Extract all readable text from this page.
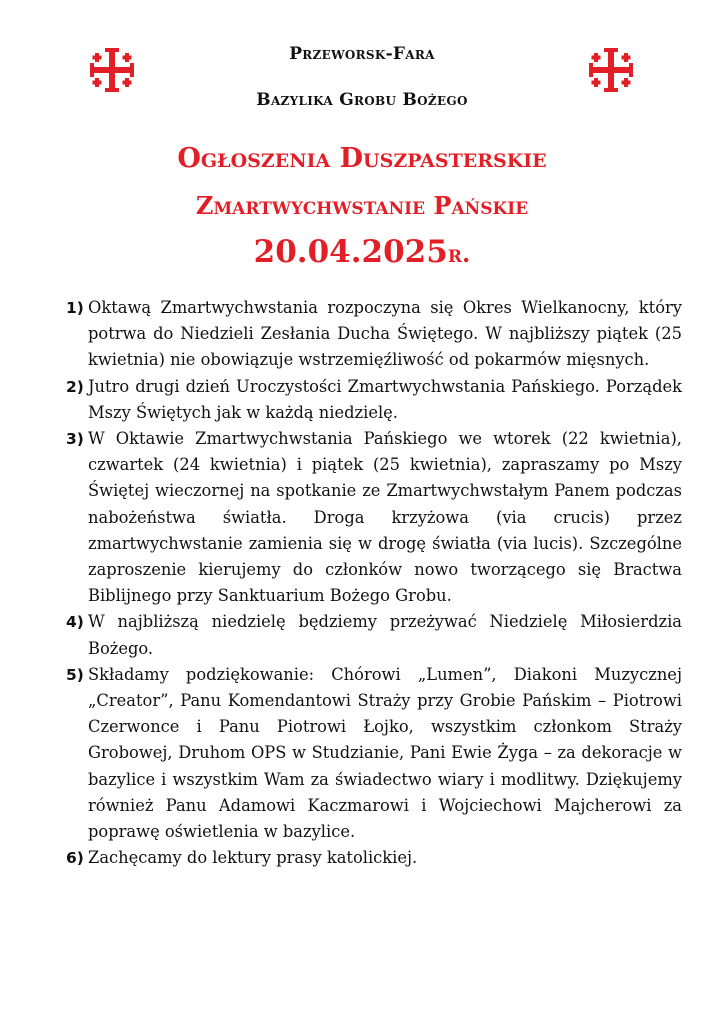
Przeworsk-Fara
Bazylika Grobu Bożego
Ogłoszenia Duszpasterskie
Zmartwychwstanie Pańskie
20.04.2025r.
1) Oktawą Zmartwychwstania rozpoczyna się Okres Wielkanocny, który potrwa do Niedzieli Zesłania Ducha Świętego. W najbliższy piątek (25 kwietnia) nie obowiązuje wstrzemięźliwość od pokarmów mięsnych.
2) Jutro drugi dzień Uroczystości Zmartwychwstania Pańskiego. Porządek Mszy Świętych jak w każdą niedzielę.
3) W Oktawie Zmartwychwstania Pańskiego we wtorek (22 kwietnia), czwartek (24 kwietnia) i piątek (25 kwietnia), zapraszamy po Mszy Świętej wieczornej na spotkanie ze Zmartwychwstałym Panem podczas nabożeństwa światła. Droga krzyżowa (via crucis) przez zmartwychwstanie zamienia się w drogę światła (via lucis). Szczególne zaproszenie kierujemy do członków nowo tworzącego się Bractwa Biblijnego przy Sanktuarium Bożego Grobu.
4) W najbliższą niedzielę będziemy przeżywać Niedzielę Miłosierdzia Bożego.
5) Składamy podziękowanie: Chórowi „Lumen”, Diakoni Muzycznej „Creator”, Panu Komendantowi Straży przy Grobie Pańskim – Piotrowi Czerwonce i Panu Piotrowi Łojko, wszystkim członkom Straży Grobowej, Druhom OPS w Studzianie, Pani Ewie Żyga – za dekoracje w bazylice i wszystkim Wam za świadectwo wiary i modlitwy. Dziękujemy również Panu Adamowi Kaczmarowi i Wojciechowi Majcherowi za poprawę oświetlenia w bazylice.
6) Zachęcamy do lektury prasy katolickiej.
